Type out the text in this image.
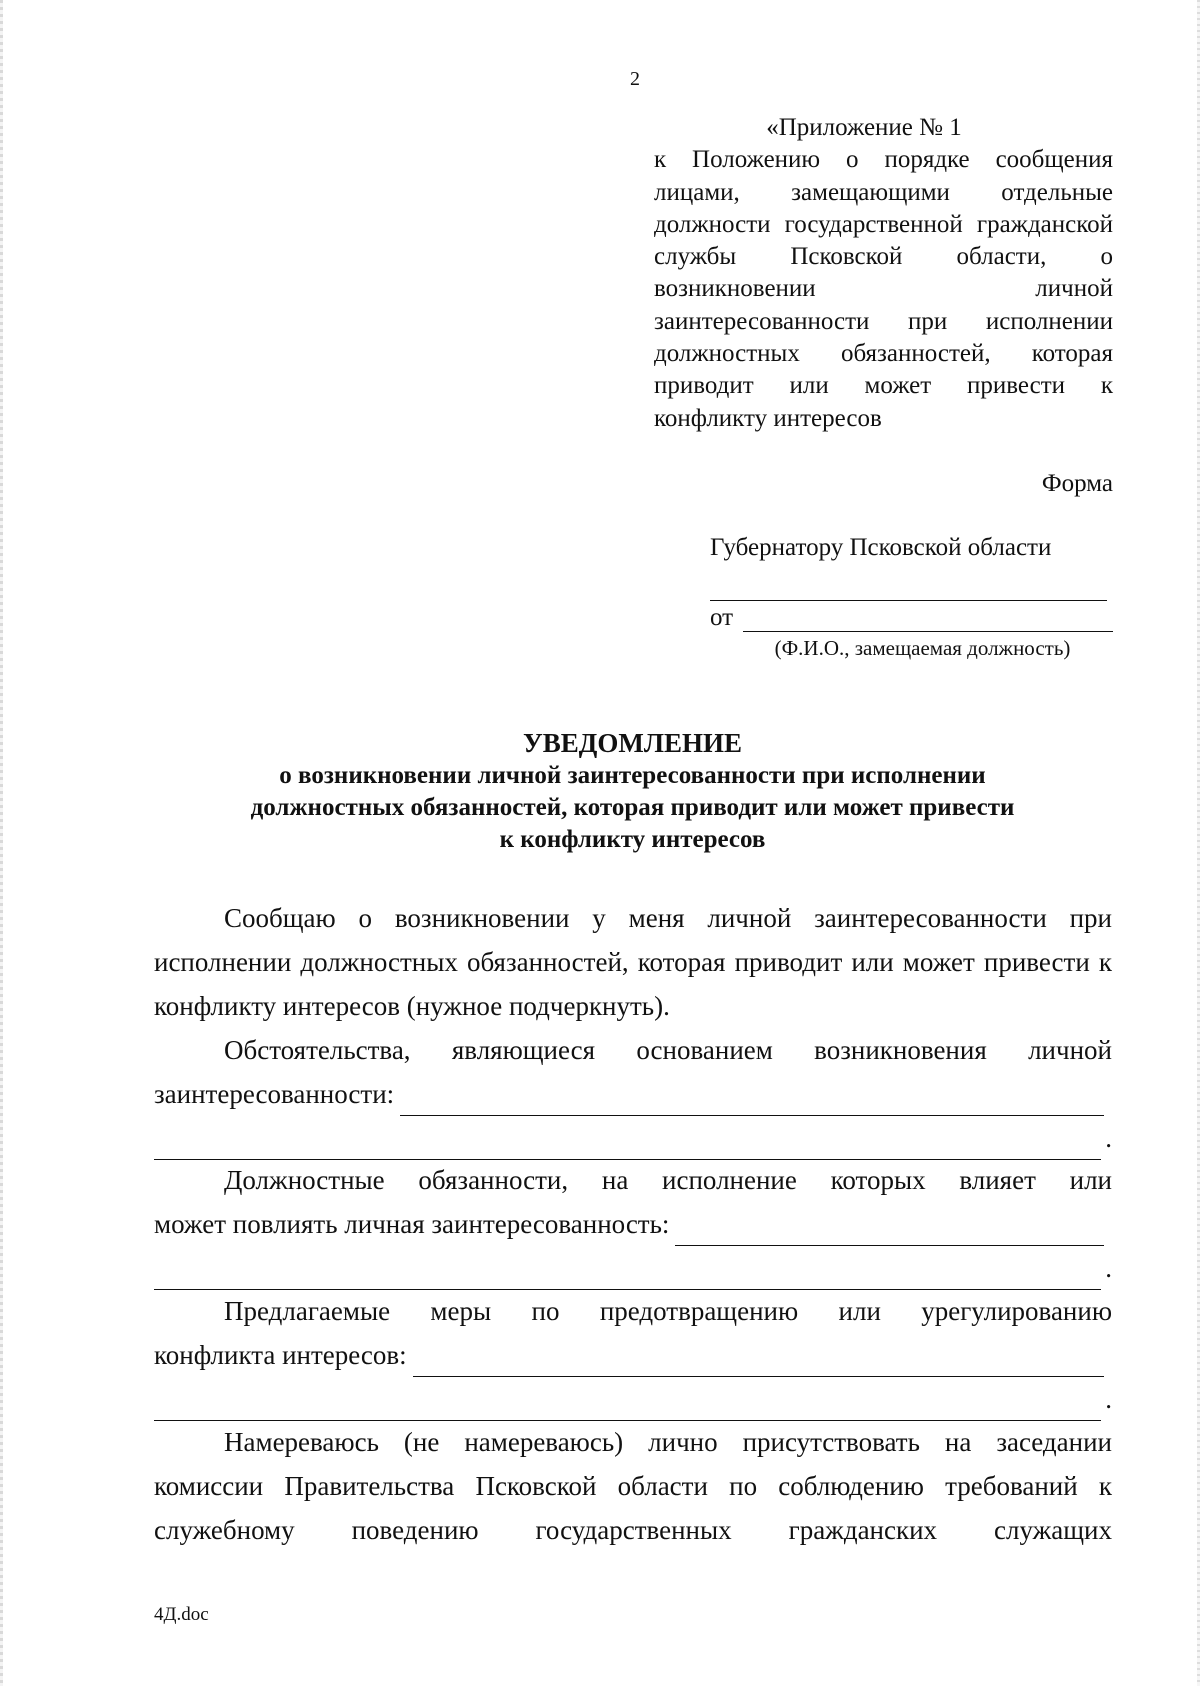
2
«Приложение № 1
к Положению о порядке сообщения лицами, замещающими отдельные должности государственной гражданской службы Псковской области, о возникновении личной заинтересованности при исполнении должностных обязанностей, которая приводит или может привести к конфликту интересов
Форма
Губернатору Псковской области
от
(Ф.И.О., замещаемая должность)
УВЕДОМЛЕНИЕ
о возникновении личной заинтересованности при исполнении
должностных обязанностей, которая приводит или может привести
к конфликту интересов
Сообщаю о возникновении у меня личной заинтересованности при исполнении должностных обязанностей, которая приводит или может привести к конфликту интересов (нужное подчеркнуть).
Обстоятельства, являющиеся основанием возникновения личной
заинтересованности:
.
Должностные обязанности, на исполнение которых влияет или
может повлиять личная заинтересованность:
.
Предлагаемые меры по предотвращению или урегулированию
конфликта интересов:
.
Намереваюсь (не намереваюсь) лично присутствовать на заседании комиссии Правительства Псковской области по соблюдению требований к служебному поведению государственных гражданских служащих
4Д.doc
